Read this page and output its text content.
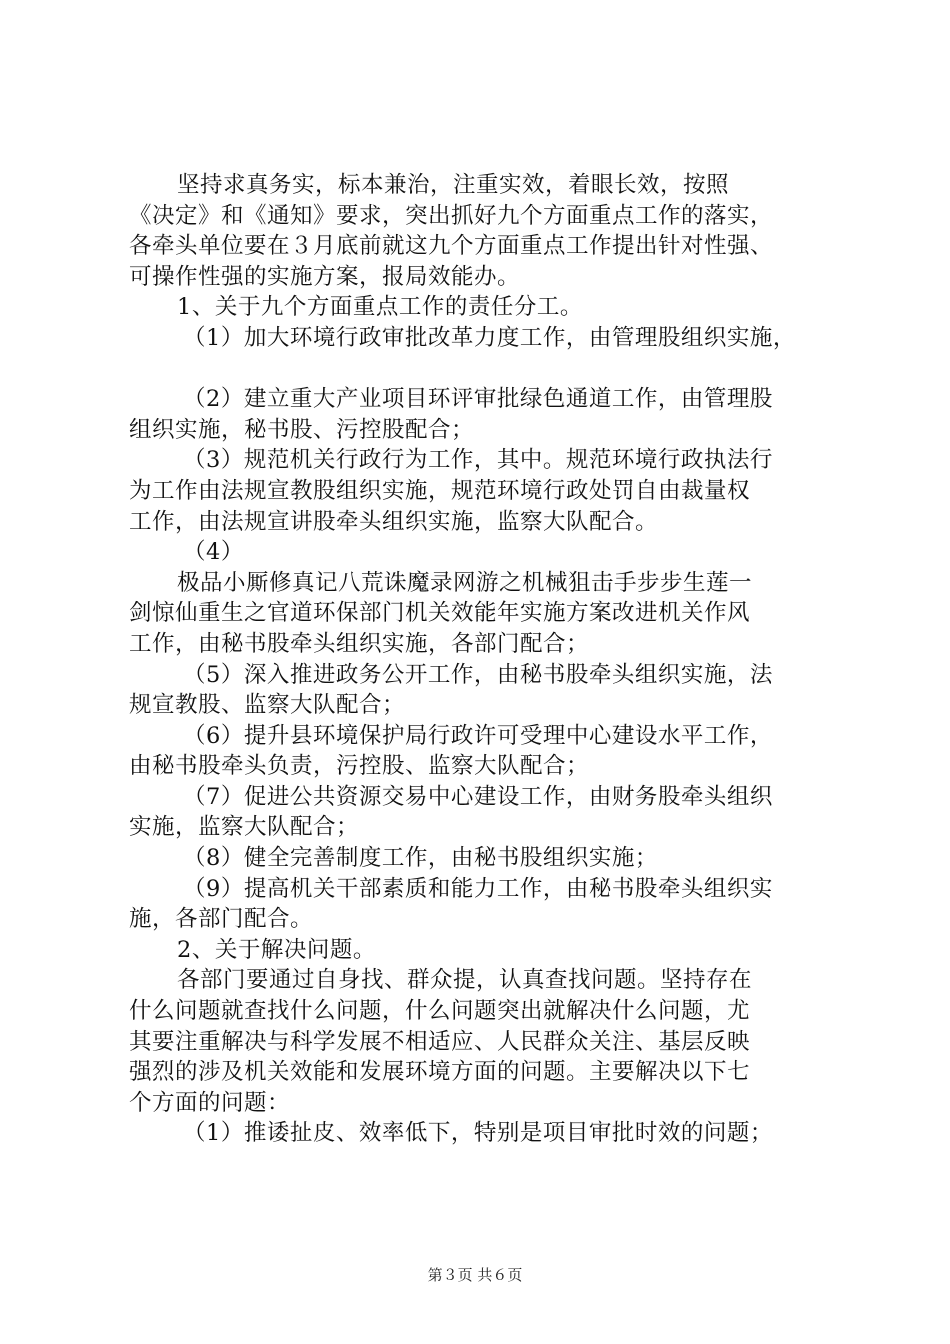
坚持求真务实，标本兼治，注重实效，着眼长效，按照
《决定》和《通知》要求，突出抓好九个方面重点工作的落实，
各牵头单位要在３月底前就这九个方面重点工作提出针对性强、
可操作性强的实施方案，报局效能办。
1、关于九个方面重点工作的责任分工。
（1）加大环境行政审批改革力度工作，由管理股组织实施，
（2）建立重大产业项目环评审批绿色通道工作，由管理股
组织实施，秘书股、污控股配合；
（3）规范机关行政行为工作，其中。规范环境行政执法行
为工作由法规宣教股组织实施，规范环境行政处罚自由裁量权
工作，由法规宣讲股牵头组织实施，监察大队配合。
（4）
极品小厮修真记八荒诛魔录网游之机械狙击手步步生莲一
剑惊仙重生之官道环保部门机关效能年实施方案改进机关作风
工作，由秘书股牵头组织实施，各部门配合；
（5）深入推进政务公开工作，由秘书股牵头组织实施，法
规宣教股、监察大队配合；
（6）提升县环境保护局行政许可受理中心建设水平工作，
由秘书股牵头负责，污控股、监察大队配合；
（7）促进公共资源交易中心建设工作，由财务股牵头组织
实施，监察大队配合；
（8）健全完善制度工作，由秘书股组织实施；
（9）提高机关干部素质和能力工作，由秘书股牵头组织实
施，各部门配合。
2、关于解决问题。
各部门要通过自身找、群众提，认真查找问题。坚持存在
什么问题就查找什么问题，什么问题突出就解决什么问题，尤
其要注重解决与科学发展不相适应、人民群众关注、基层反映
强烈的涉及机关效能和发展环境方面的问题。主要解决以下七
个方面的问题：
（1）推诿扯皮、效率低下，特别是项目审批时效的问题；
第３页 共６页
